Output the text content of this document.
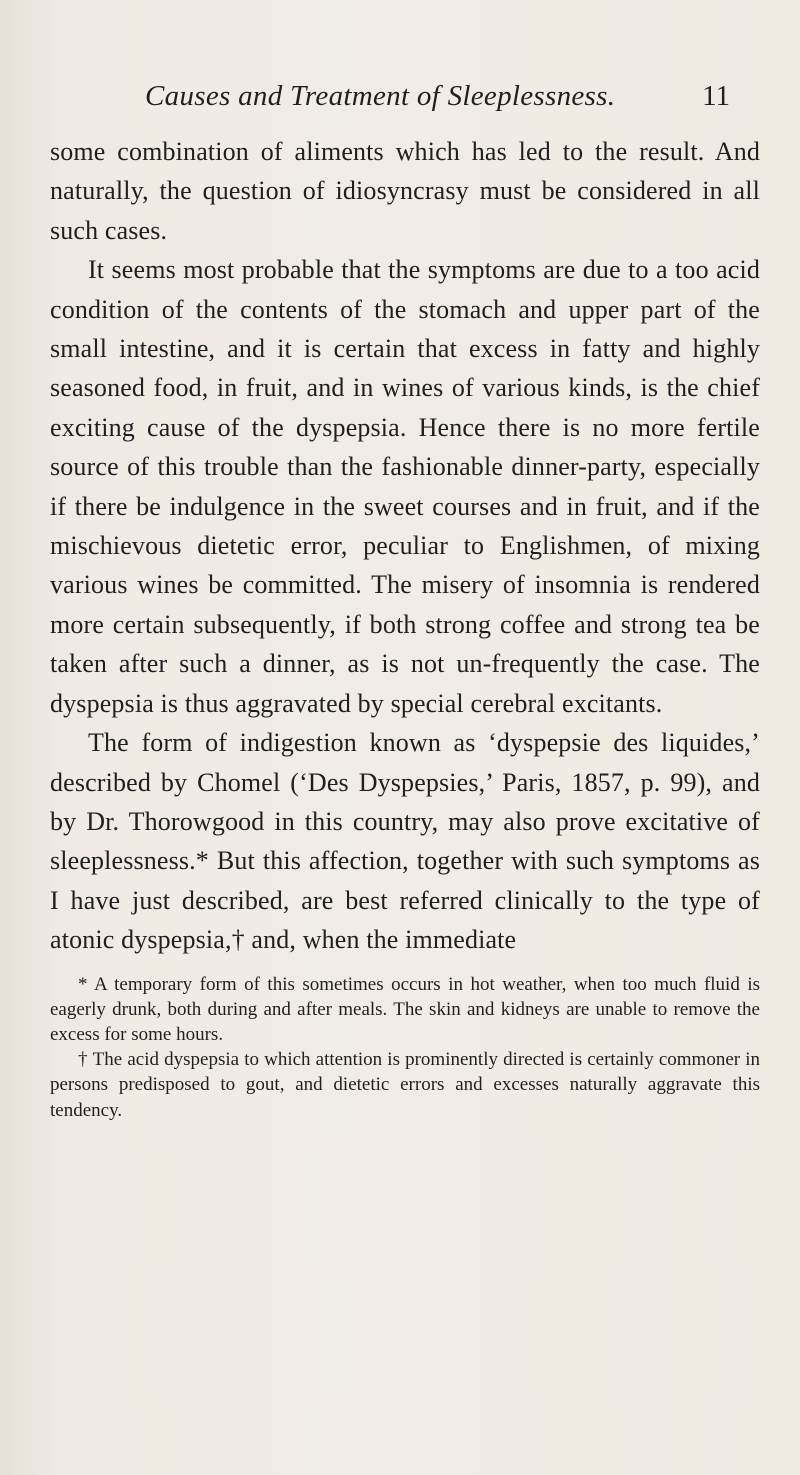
Causes and Treatment of Sleeplessness.	11

some combination of aliments which has led to the result. And naturally, the question of idiosyncrasy must be considered in all such cases.

It seems most probable that the symptoms are due to a too acid condition of the contents of the stomach and upper part of the small intestine, and it is certain that excess in fatty and highly seasoned food, in fruit, and in wines of various kinds, is the chief exciting cause of the dyspepsia. Hence there is no more fertile source of this trouble than the fashionable dinner-party, especially if there be indulgence in the sweet courses and in fruit, and if the mischievous dietetic error, peculiar to Englishmen, of mixing various wines be committed. The misery of insomnia is rendered more certain subsequently, if both strong coffee and strong tea be taken after such a dinner, as is not un-frequently the case. The dyspepsia is thus aggravated by special cerebral excitants.

The form of indigestion known as ‘dyspepsie des liquides,’ described by Chomel (‘Des Dyspepsies,’ Paris, 1857, p. 99), and by Dr. Thorowgood in this country, may also prove excitative of sleeplessness.* But this affection, together with such symptoms as I have just described, are best referred clinically to the type of atonic dyspepsia,† and, when the immediate

* A temporary form of this sometimes occurs in hot weather, when too much fluid is eagerly drunk, both during and after meals. The skin and kidneys are unable to remove the excess for some hours.

† The acid dyspepsia to which attention is prominently directed is certainly commoner in persons predisposed to gout, and dietetic errors and excesses naturally aggravate this tendency.
